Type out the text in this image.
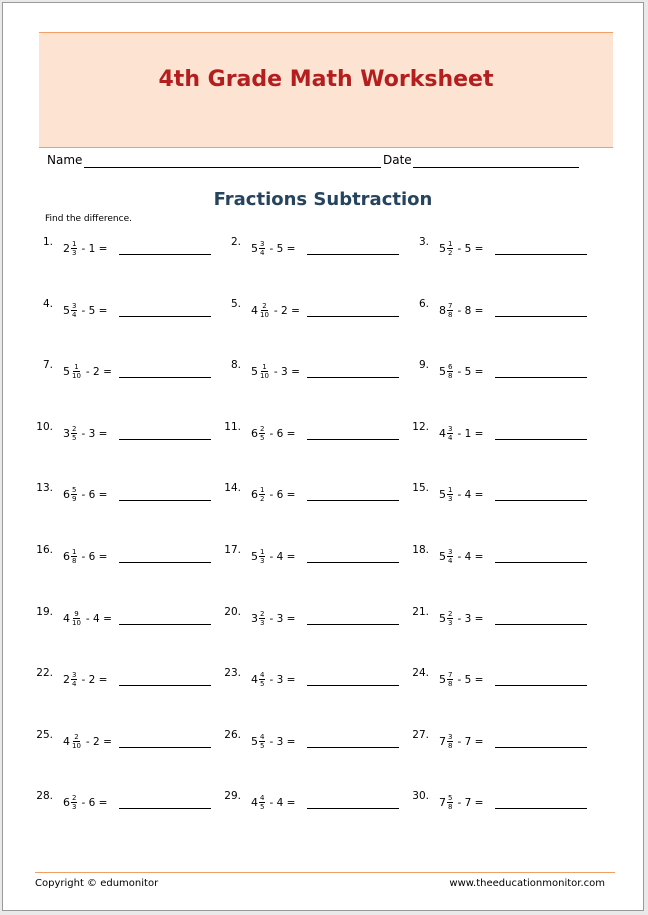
4th Grade Math Worksheet
Name	Date
Fractions Subtraction
Find the difference.
1. $2 \frac{1}{3} - 1$ =
2. $5 \frac{3}{4} - 5$ =
3. $5 \frac{1}{2} - 5$ =
4. $5 \frac{3}{4} - 5$ =
5. $4 \frac{2}{10} - 2$ =
6. $8 \frac{7}{8} - 8$ =
7. $5 \frac{1}{10} - 2$ =
8. $5 \frac{1}{10} - 3$ =
9. $5 \frac{6}{8} - 5$ =
10. $3 \frac{2}{5} - 3$ =
11. $6 \frac{2}{5} - 6$ =
12. $4 \frac{3}{4} - 1$ =
13. $6 \frac{5}{9} - 6$ =
14. $6 \frac{1}{2} - 6$ =
15. $5 \frac{1}{3} - 4$ =
16. $6 \frac{1}{8} - 6$ =
17. $5 \frac{1}{3} - 4$ =
18. $5 \frac{3}{4} - 4$ =
19. $4 \frac{9}{10} - 4$ =
20. $3 \frac{2}{3} - 3$ =
21. $5 \frac{2}{3} - 3$ =
22. $2 \frac{3}{4} - 2$ =
23. $4 \frac{4}{5} - 3$ =
24. $5 \frac{7}{8} - 5$ =
25. $4 \frac{2}{10} - 2$ =
26. $5 \frac{4}{5} - 3$ =
27. $7 \frac{3}{8} - 7$ =
28. $6 \frac{2}{3} - 6$ =
29. $4 \frac{4}{5} - 4$ =
30. $7 \frac{5}{8} - 7$ =
Copyright © edumonitor	www.theeducationmonitor.com
